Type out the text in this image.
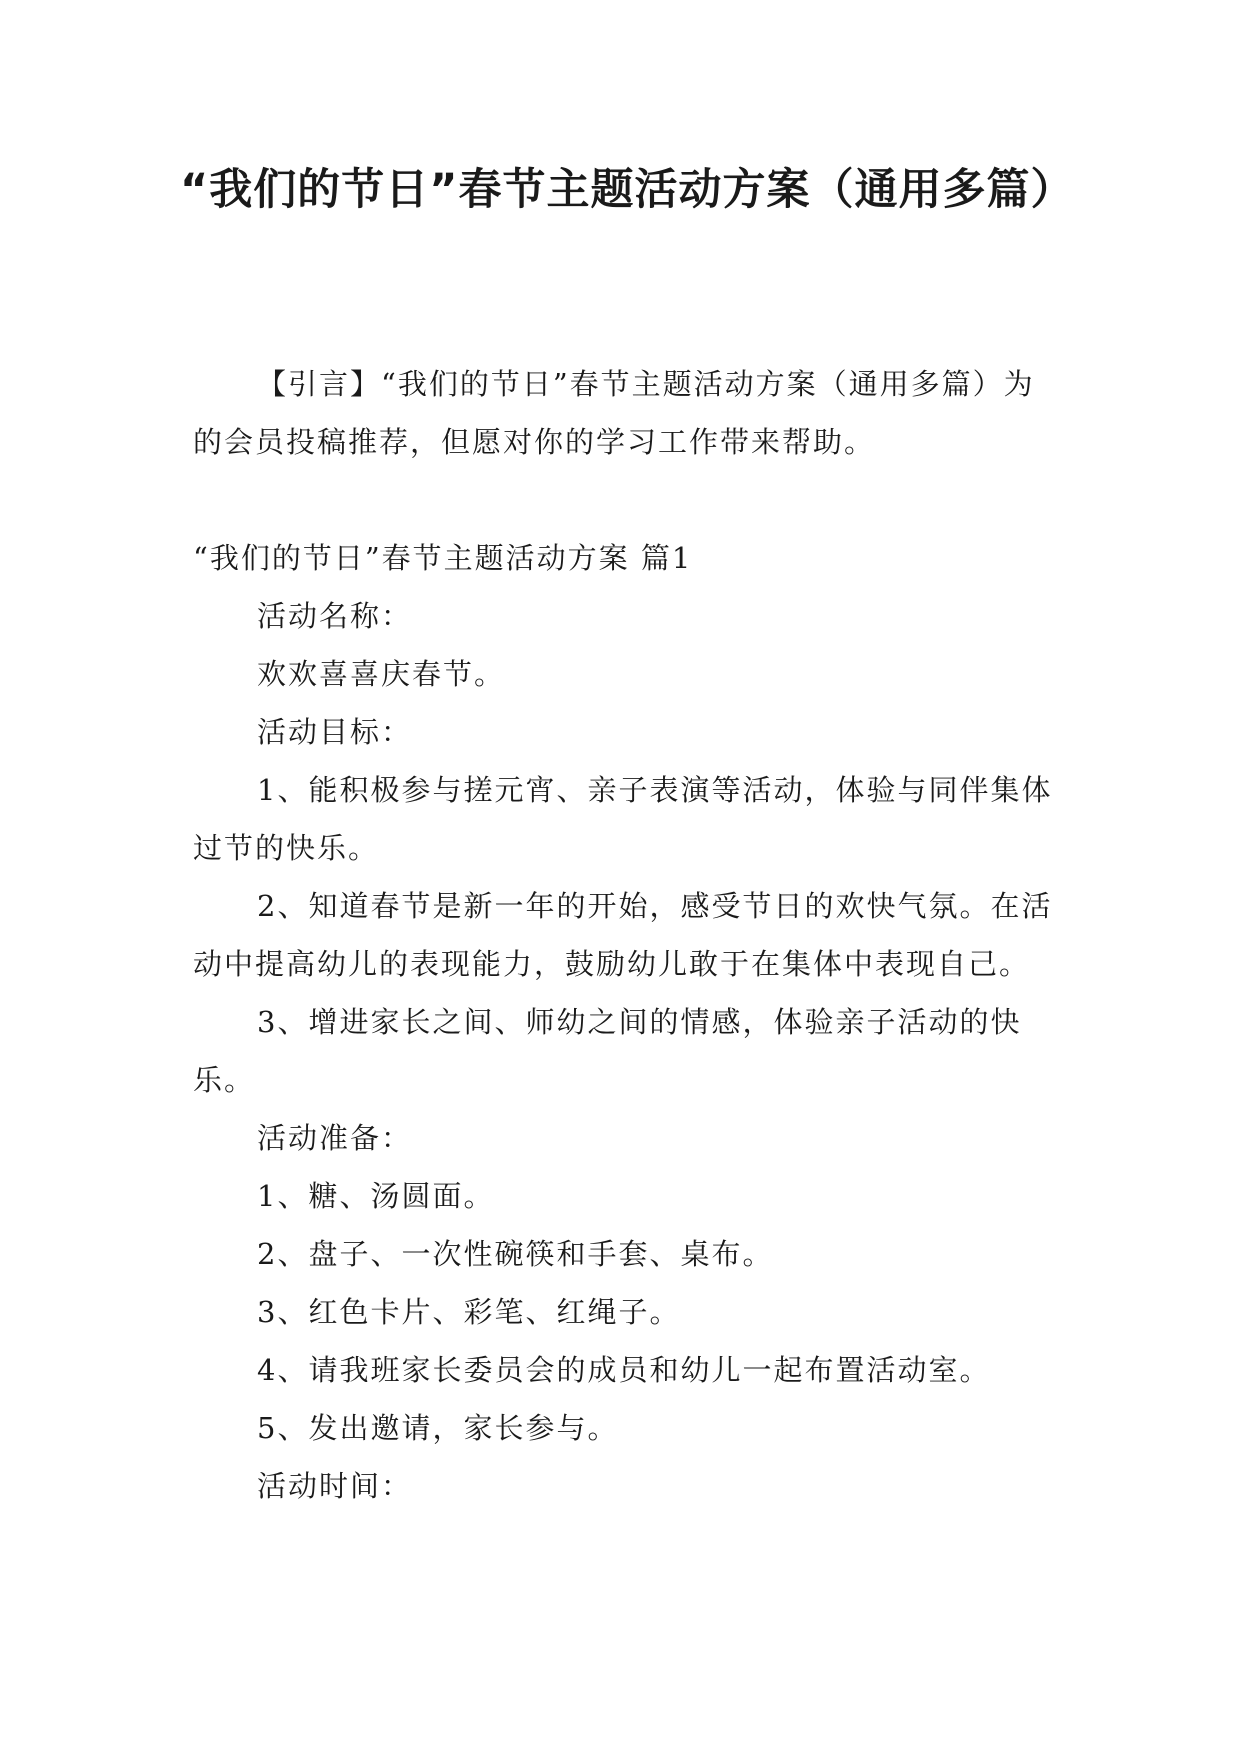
“我们的节日”春节主题活动方案（通用多篇）

【引言】“我们的节日”春节主题活动方案（通用多篇）为的会员投稿推荐，但愿对你的学习工作带来帮助。

“我们的节日”春节主题活动方案 篇1

活动名称：

欢欢喜喜庆春节。

活动目标：

1、能积极参与搓元宵、亲子表演等活动，体验与同伴集体过节的快乐。

2、知道春节是新一年的开始，感受节日的欢快气氛。在活动中提高幼儿的表现能力，鼓励幼儿敢于在集体中表现自己。

3、增进家长之间、师幼之间的情感，体验亲子活动的快乐。

活动准备：

1、糖、汤圆面。

2、盘子、一次性碗筷和手套、桌布。

3、红色卡片、彩笔、红绳子。

4、请我班家长委员会的成员和幼儿一起布置活动室。

5、发出邀请，家长参与。

活动时间：
